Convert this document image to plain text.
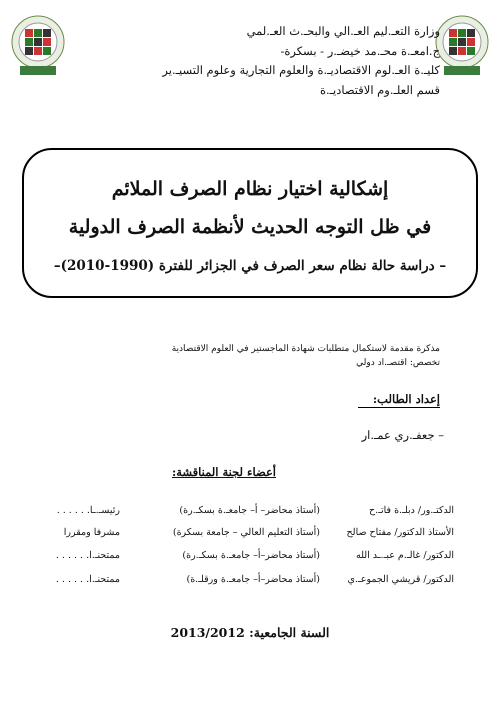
وزارة التعـ.ليم العـ.الي والبحـ.ث العـ.لمي
ج.امعـ.ة محـ.مد خيضـ.ر - بسكرة-
كليـ.ة العـ.لوم الاقتصاديـ.ة والعلوم التجارية وعلوم التسيـ.ير
قسم العلـ.وم الاقتصاديـ.ة
إشكالية اختيار نظام الصرف الملائم
في ظل التوجه الحديث لأنظمة الصرف الدولية
– دراسة حالة نظام سعر الصرف في الجزائر للفترة (1990-2010)–
مذكرة مقدمة لاستكمال متطلبات شهادة الماجستير في العلوم الاقتصادية
تخصص: اقتصـ.اد دولي
إعداد الطالب:
– جعفـ.ري عمـ.ار
أعضاء لجنة المناقشة:
الدكتـ.ور/ دبلـ.ة فاتـ.ح
(أستاذ محاضر– أ– جامعـ.ة بسكـ.رة)
رئيسـ.ـا. . . . . .
الأستاذ الدكتور/ مفتاح صالح
(أستاذ التعليم العالي – جامعة بسكرة)
مشرفا ومقررا
الدكتور/ غالـ.م عبـ.ـد الله
(أستاذ محاضر–أ– جامعـ.ة بسكـ.رة)
ممتحنـ.ا. . . . . .
الدكتور/ قريشي الجموعـ.ي
(أستاذ محاضر–أ– جامعـ.ة ورقلـ.ة)
ممتحنـ.ا. . . . . .
السنة الجامعية: 2013/2012
